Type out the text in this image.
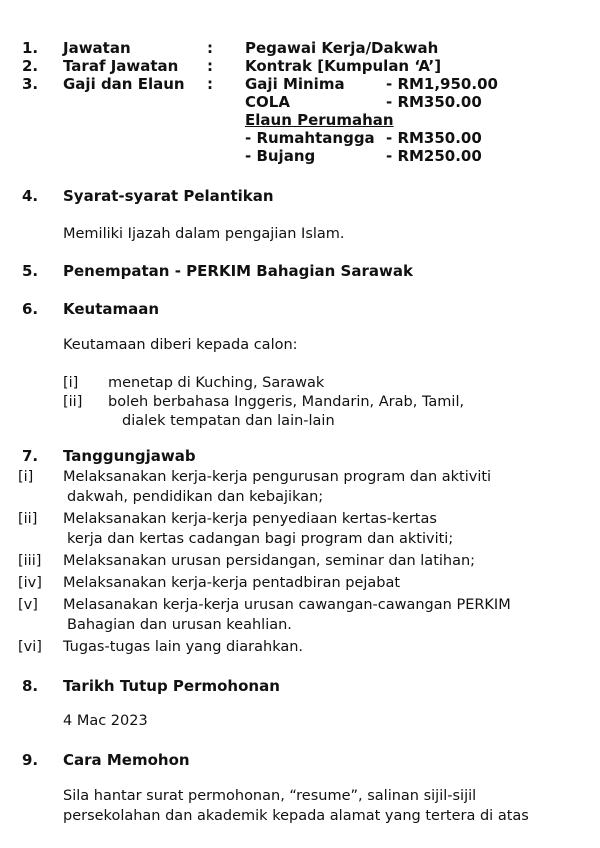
1. Jawatan	: Pegawai Kerja/Dakwah
2. Taraf Jawatan : Kontrak [Kumpulan ‘A’]
3. Gaji dan Elaun : Gaji Minima	- RM1,950.00
COLA	- RM350.00
Elaun Perumahan
- Rumahtangga - RM350.00
- Bujang	- RM250.00
4. Syarat-syarat Pelantikan
Memiliki Ijazah dalam pengajian Islam.
5. Penempatan - PERKIM Bahagian Sarawak
6. Keutamaan
Keutamaan diberi kepada calon:
[i] menetap di Kuching, Sarawak
[ii] boleh berbahasa Inggeris, Mandarin, Arab, Tamil,
dialek tempatan dan lain-lain
7. Tanggungjawab
[i] Melaksanakan kerja-kerja pengurusan program dan aktiviti
dakwah, pendidikan dan kebajikan;
[ii] Melaksanakan kerja-kerja penyediaan kertas-kertas
kerja dan kertas cadangan bagi program dan aktiviti;
[iii] Melaksanakan urusan persidangan, seminar dan latihan;
[iv] Melaksanakan kerja-kerja pentadbiran pejabat
[v] Melasanakan kerja-kerja urusan cawangan-cawangan PERKIM
Bahagian dan urusan keahlian.
[vi] Tugas-tugas lain yang diarahkan.
8. Tarikh Tutup Permohonan
4 Mac 2023
9. Cara Memohon
Sila hantar surat permohonan, “resume”, salinan sijil-sijil
persekolahan dan akademik kepada alamat yang tertera di atas
